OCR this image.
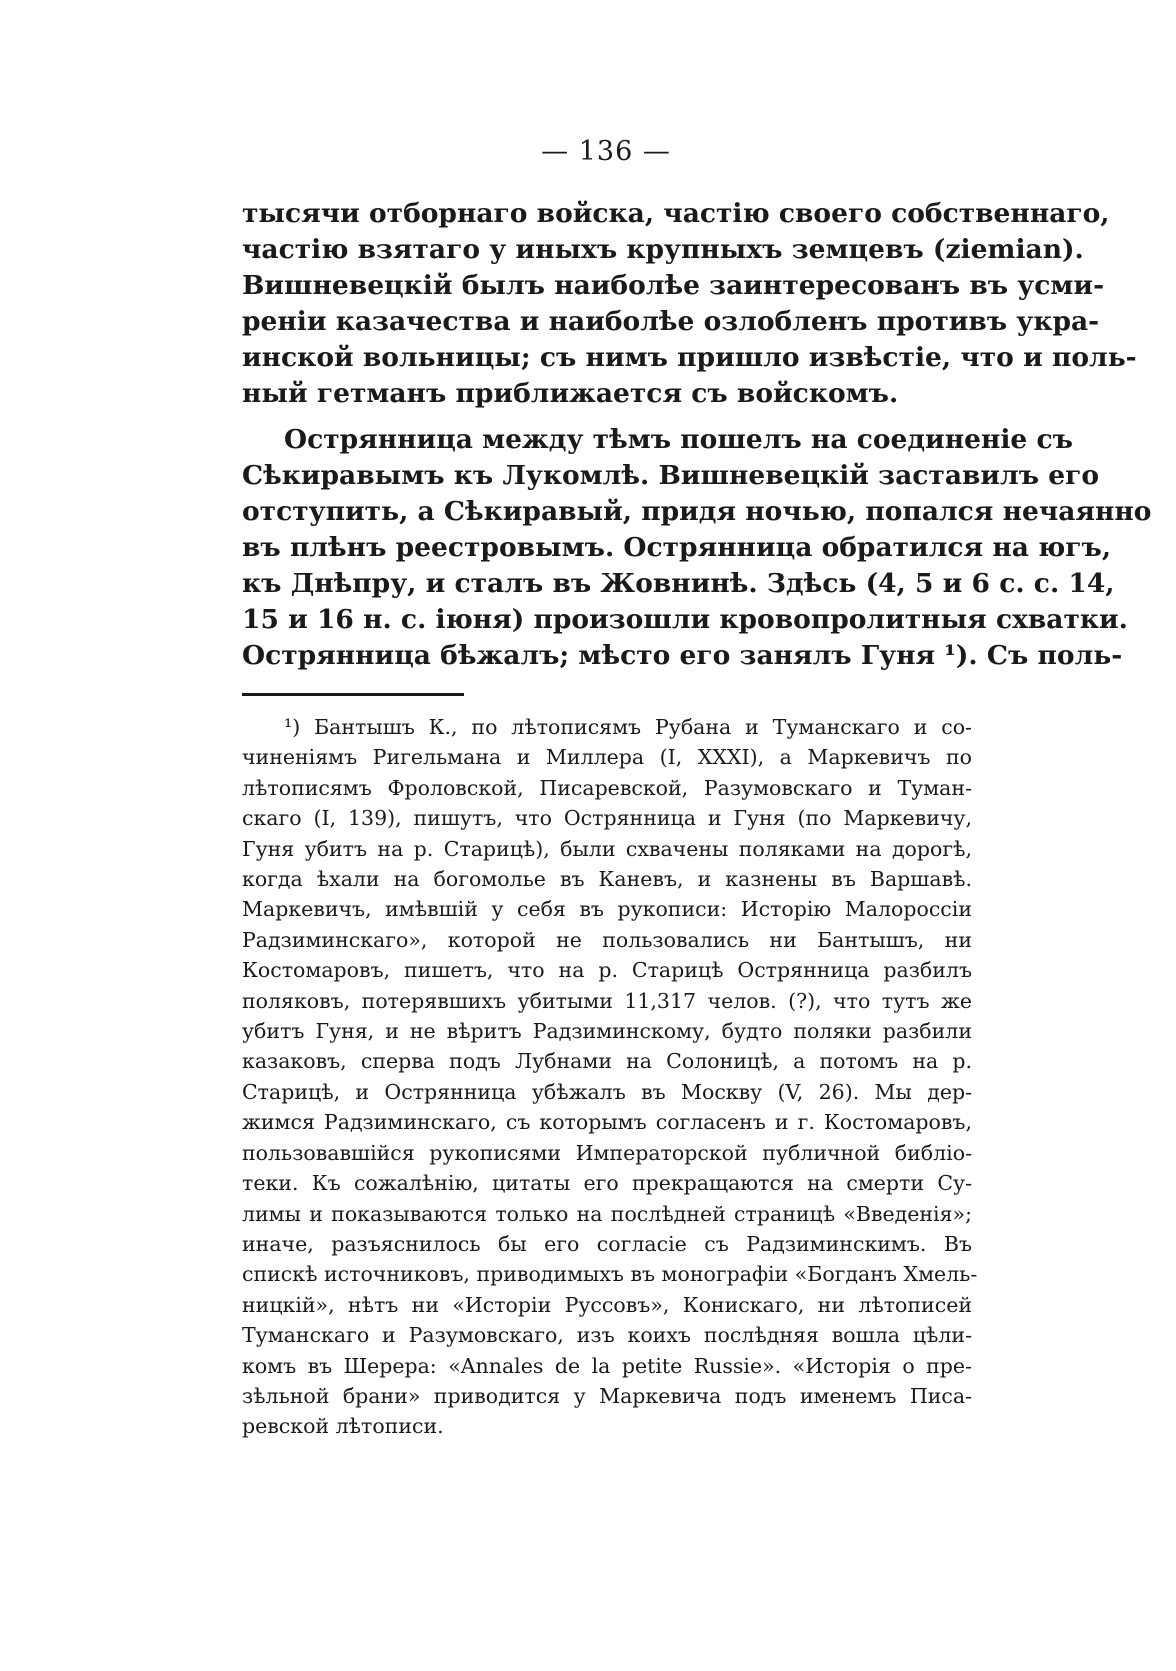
— 136 —
тысячи отборнаго войска, частію своего собственнаго,
частію взятаго у иныхъ крупныхъ земцевъ (ziemian).
Вишневецкій былъ наиболѣе заинтересованъ въ усми-
реніи казачества и наиболѣе озлобленъ противъ укра-
инской вольницы; съ нимъ пришло извѣстіе, что и поль-
ный гетманъ приближается съ войскомъ.
Острянница между тѣмъ пошелъ на соединеніе съ
Сѣкиравымъ къ Лукомлѣ. Вишневецкій заставилъ его
отступить, а Сѣкиравый, придя ночью, попался нечаянно
въ плѣнъ реестровымъ. Острянница обратился на югъ,
къ Днѣпру, и сталъ въ Жовнинѣ. Здѣсь (4, 5 и 6 с. с. 14,
15 и 16 н. с. іюня) произошли кровопролитныя схватки.
Острянница бѣжалъ; мѣсто его занялъ Гуня ¹). Съ поль-
¹) Бантышъ К., по лѣтописямъ Рубана и Туманскаго и со-
чиненіямъ Ригельмана и Миллера (I, XXXI), а Маркевичъ по
лѣтописямъ Фроловской, Писаревской, Разумовскаго и Туман-
скаго (I, 139), пишутъ, что Острянница и Гуня (по Маркевичу,
Гуня убитъ на р. Старицѣ), были схвачены поляками на дорогѣ,
когда ѣхали на богомолье въ Каневъ, и казнены въ Варшавѣ.
Маркевичъ, имѣвшій у себя въ рукописи: Исторію Малороссіи
Радзиминскаго», которой не пользовались ни Бантышъ, ни
Костомаровъ, пишетъ, что на р. Старицѣ Острянница разбилъ
поляковъ, потерявшихъ убитыми 11,317 челов. (?), что тутъ же
убитъ Гуня, и не вѣритъ Радзиминскому, будто поляки разбили
казаковъ, сперва подъ Лубнами на Солоницѣ, а потомъ на р.
Старицѣ, и Острянница убѣжалъ въ Москву (V, 26). Мы дер-
жимся Радзиминскаго, съ которымъ согласенъ и г. Костомаровъ,
пользовавшійся рукописями Императорской публичной библіо-
теки. Къ сожалѣнію, цитаты его прекращаются на смерти Су-
лимы и показываются только на послѣдней страницѣ «Введенія»;
иначе, разъяснилось бы его согласіе съ Радзиминскимъ. Въ
спискѣ источниковъ, приводимыхъ въ монографіи «Богданъ Хмель-
ницкій», нѣтъ ни «Исторіи Руссовъ», Конискаго, ни лѣтописей
Туманскаго и Разумовскаго, изъ коихъ послѣдняя вошла цѣли-
комъ въ Шерера: «Annales de la petite Russie». «Исторія о пре-
зѣльной брани» приводится у Маркевича подъ именемъ Писа-
ревской лѣтописи.
